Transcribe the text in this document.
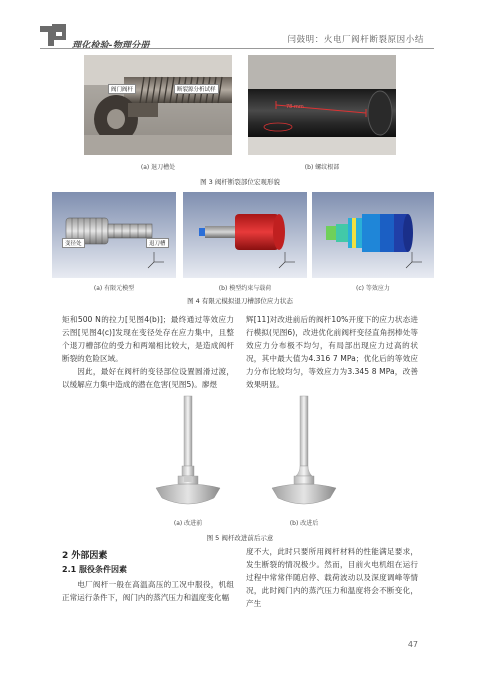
理化检验-物理分册
闫鼓明：火电厂阀杆断裂原因小结
阀门阀杆	断裂源分析试样
78 mm
(a) 退刀槽处	(b) 螺纹根部
图 3 阀杆断裂部位宏观形貌
变径处	退刀槽
(a) 有限元模型	(b) 模型约束与载荷	(c) 等效应力
图 4 有限元模拟退刀槽部位应力状态

矩和500 N的拉力[见图4(b)]；最终通过等效应力云图[见图4(c)]发现在变径处存在应力集中，且整个退刀槽部位的受力和两端相比较大，是造成阀杆断裂的危险区域。

因此，最好在阀杆的变径部位设置圆滑过渡，以缓解应力集中造成的潜在危害(见图5)。廖煜

辉[11]对改进前后的阀杆10%开度下的应力状态进行模拟(见图6)，改进优化前阀杆变径直角拐棒处等效应力分布极不均匀，有局部出现应力过高的状况，其中最大值为4.316 7 MPa；优化后的等效应力分布比较均匀，等效应力为3.345 8 MPa，改善效果明显。

(a) 改进前	(b) 改进后
图 5 阀杆改进前后示意
2 外部因素
2.1 服役条件因素

电厂阀杆一般在高温高压的工况中服役，机组正常运行条件下，阀门内的蒸汽压力和温度变化幅

度不大，此时只要所用阀杆材料的性能满足要求，发生断裂的情况极少。然而，目前火电机组在运行过程中常常伴随启停、载荷波动以及深度调峰等情况，此时阀门内的蒸汽压力和温度将会不断变化，产生

47
